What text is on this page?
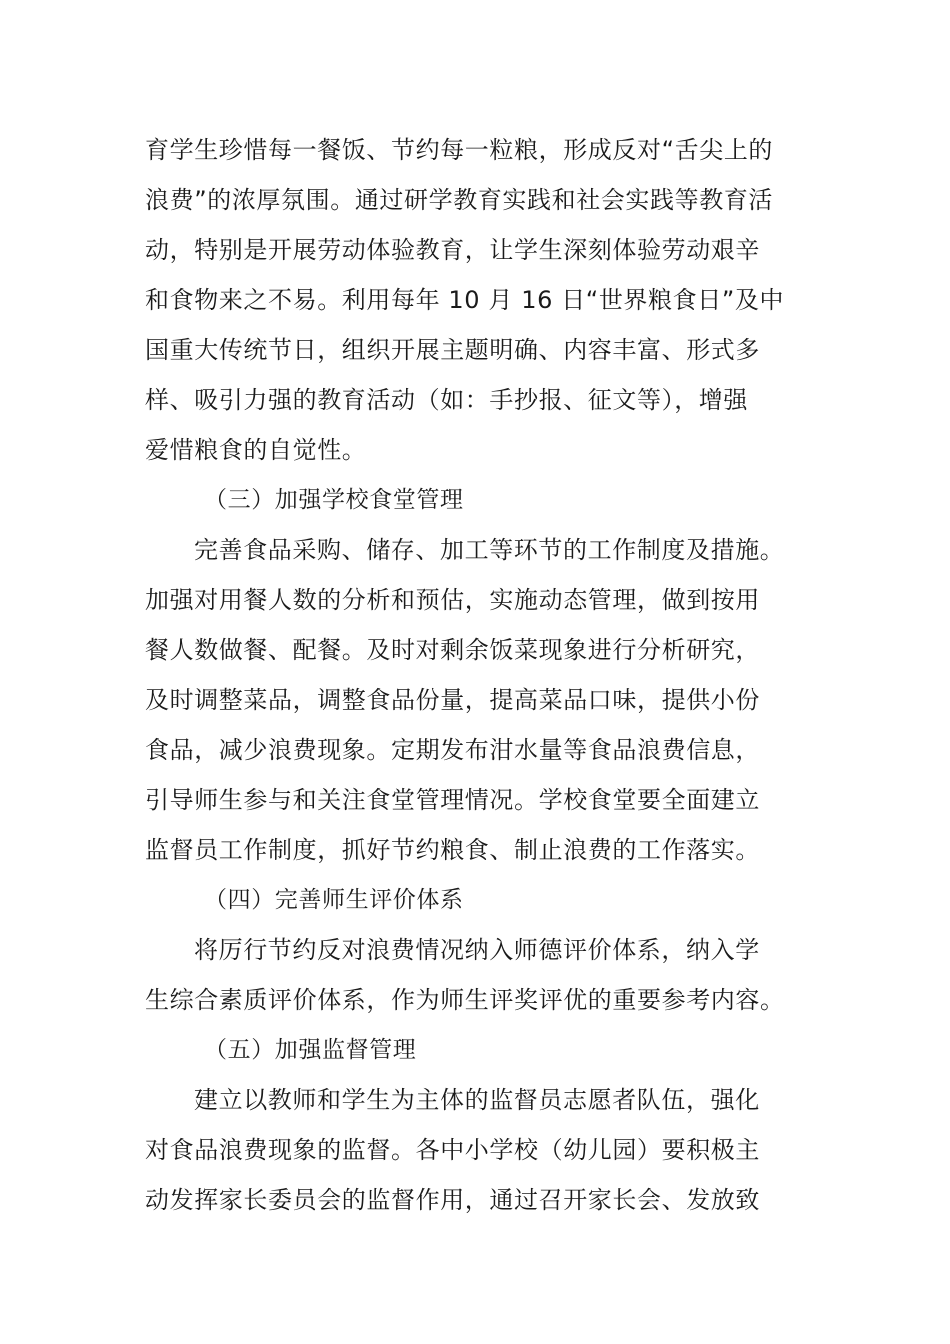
育学生珍惜每一餐饭、节约每一粒粮，形成反对“舌尖上的
浪费”的浓厚氛围。通过研学教育实践和社会实践等教育活
动，特别是开展劳动体验教育，让学生深刻体验劳动艰辛
和食物来之不易。利用每年 10 月 16 日“世界粮食日”及中
国重大传统节日，组织开展主题明确、内容丰富、形式多
样、吸引力强的教育活动（如：手抄报、征文等），增强
爱惜粮食的自觉性。
（三）加强学校食堂管理
完善食品采购、储存、加工等环节的工作制度及措施。
加强对用餐人数的分析和预估，实施动态管理，做到按用
餐人数做餐、配餐。及时对剩余饭菜现象进行分析研究，
及时调整菜品，调整食品份量，提高菜品口味，提供小份
食品，减少浪费现象。定期发布泔水量等食品浪费信息，
引导师生参与和关注食堂管理情况。学校食堂要全面建立
监督员工作制度，抓好节约粮食、制止浪费的工作落实。
（四）完善师生评价体系
将厉行节约反对浪费情况纳入师德评价体系，纳入学
生综合素质评价体系，作为师生评奖评优的重要参考内容。
（五）加强监督管理
建立以教师和学生为主体的监督员志愿者队伍，强化
对食品浪费现象的监督。各中小学校（幼儿园）要积极主
动发挥家长委员会的监督作用，通过召开家长会、发放致
